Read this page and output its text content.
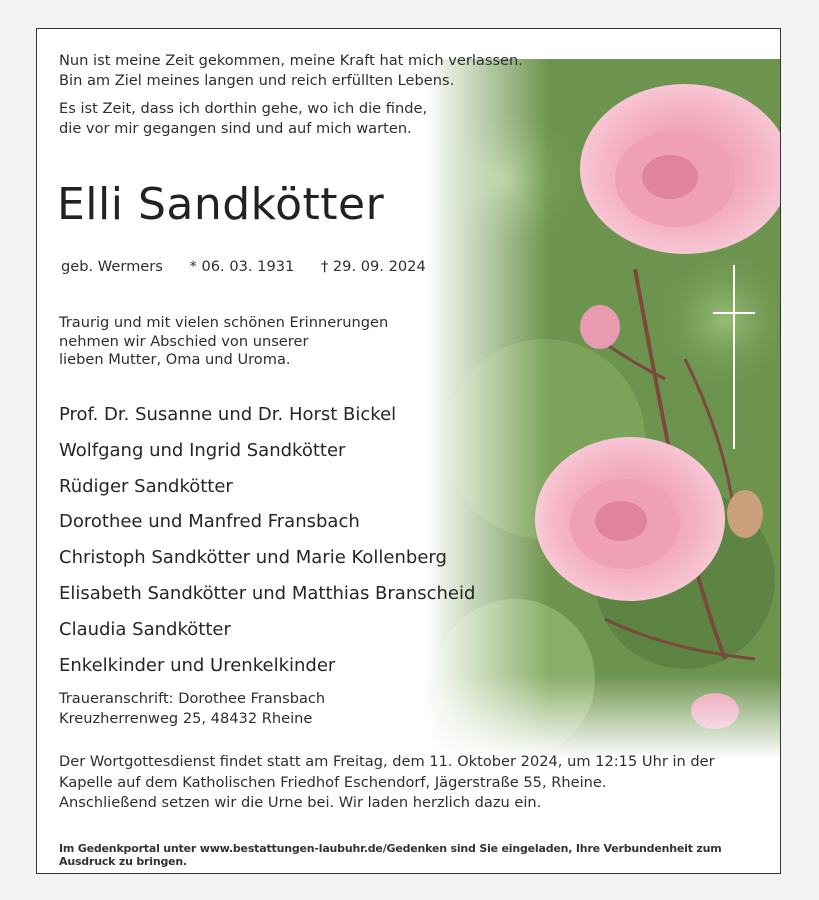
Nun ist meine Zeit gekommen, meine Kraft hat mich verlassen.
Bin am Ziel meines langen und reich erfüllten Lebens.

Es ist Zeit, dass ich dorthin gehe, wo ich die finde,
die vor mir gegangen sind und auf mich warten.

Elli Sandkötter
geb. Wermers * 06. 03. 1931 † 29. 09. 2024
Traurig und mit vielen schönen Erinnerungen
nehmen wir Abschied von unserer
lieben Mutter, Oma und Uroma.
Prof. Dr. Susanne und Dr. Horst Bickel
Wolfgang und Ingrid Sandkötter
Rüdiger Sandkötter
Dorothee und Manfred Fransbach
Christoph Sandkötter und Marie Kollenberg
Elisabeth Sandkötter und Matthias Branscheid
Claudia Sandkötter
Enkelkinder und Urenkelkinder
Traueranschrift: Dorothee Fransbach
Kreuzherrenweg 25, 48432 Rheine
Der Wortgottesdienst findet statt am Freitag, dem 11. Oktober 2024, um 12:15 Uhr in der
Kapelle auf dem Katholischen Friedhof Eschendorf, Jägerstraße 55, Rheine.
Anschließend setzen wir die Urne bei. Wir laden herzlich dazu ein.
Im Gedenkportal unter www.bestattungen-laubuhr.de/Gedenken sind Sie eingeladen, Ihre Verbundenheit zum Ausdruck zu bringen.
